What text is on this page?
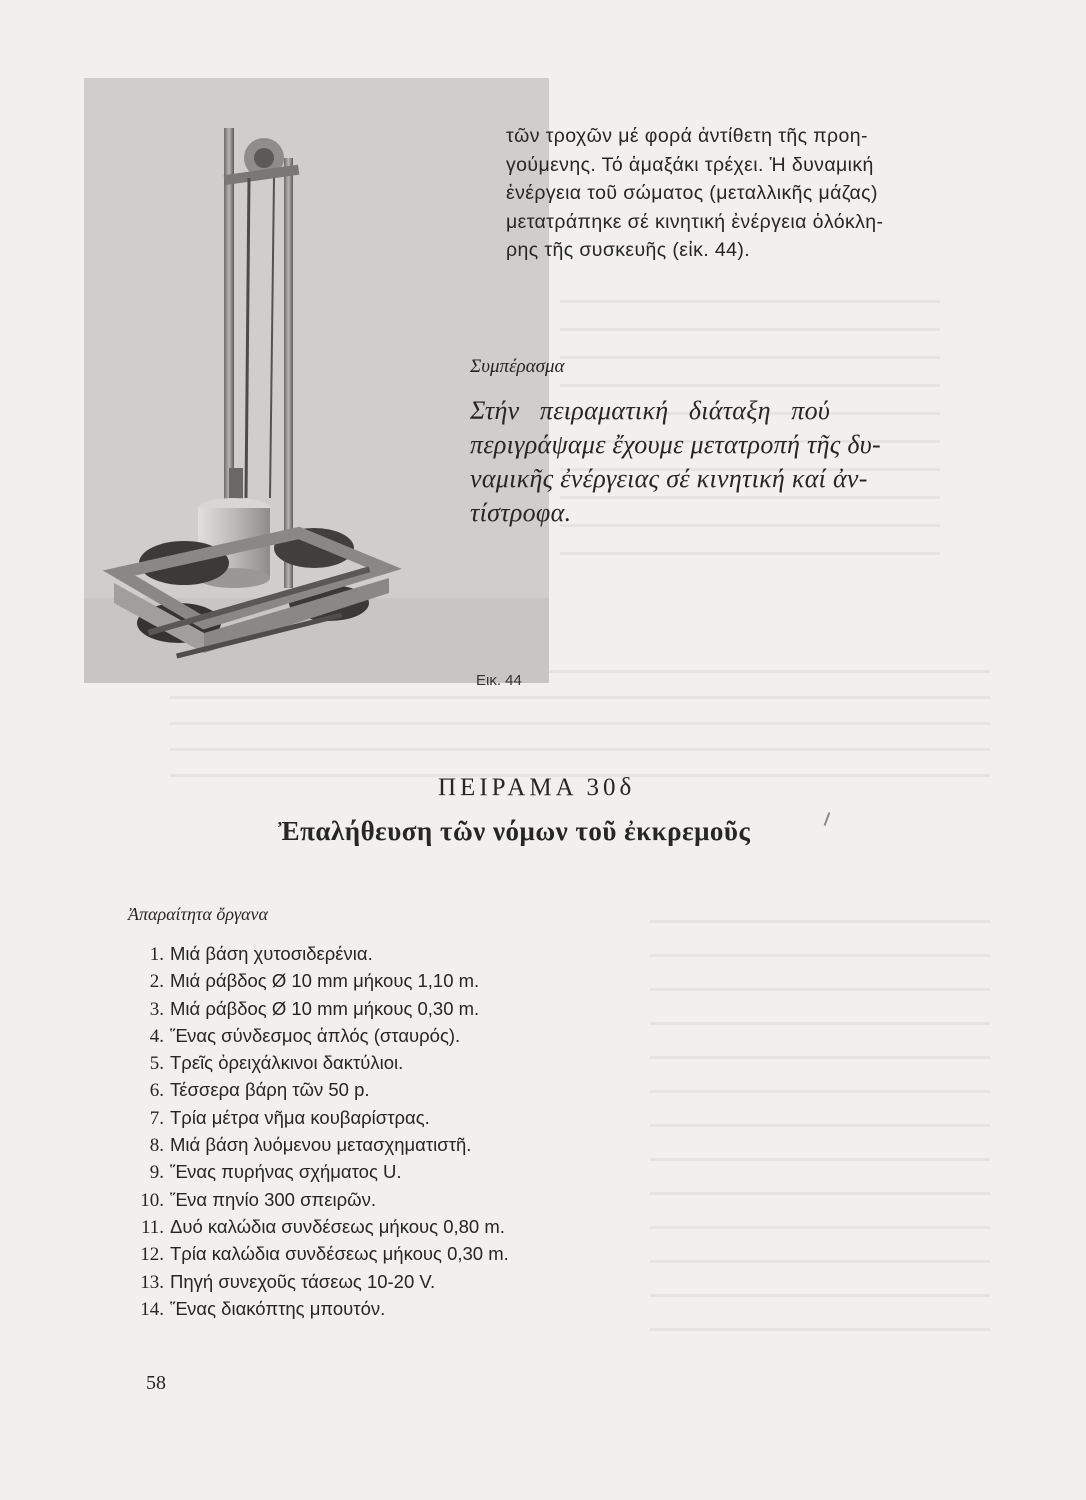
Εικ. 44
τῶν τροχῶν μέ φορά ἀντίθετη τῆς προη-
γούμενης. Τό ἁμαξάκι τρέχει. Ἡ δυναμική
ἐνέργεια τοῦ σώματος (μεταλλικῆς μάζας)
μετατράπηκε σέ κινητική ἐνέργεια ὁλόκλη-
ρης τῆς συσκευῆς (εἰκ. 44).
Συμπέρασμα
Στήν   πειραματική   διάταξη   πού
περιγράψαμε ἔχουμε μετατροπή τῆς δυ-
ναμικῆς ἐνέργειας σέ κινητική καί ἀν-
τίστροφα.
ΠΕΙΡΑΜΑ 30δ
Ἐπαλήθευση τῶν νόμων τοῦ ἐκκρεμοῦς
Ἀπαραίτητα ὄργανα
1. Μιά βάση χυτοσιδερένια.
2. Μιά ράβδος Ø 10 mm μήκους 1,10 m.
3. Μιά ράβδος Ø 10 mm μήκους 0,30 m.
4. Ἕνας σύνδεσμος ἁπλός (σταυρός).
5. Τρεῖς ὀρειχάλκινοι δακτύλιοι.
6. Τέσσερα βάρη τῶν 50 p.
7. Τρία μέτρα νῆμα κουβαρίστρας.
8. Μιά βάση λυόμενου μετασχηματιστῆ.
9. Ἕνας πυρήνας σχήματος U.
10. Ἕνα πηνίο 300 σπειρῶν.
11. Δυό καλώδια συνδέσεως μήκους 0,80 m.
12. Τρία καλώδια συνδέσεως μήκους 0,30 m.
13. Πηγή συνεχοῦς τάσεως 10-20 V.
14. Ἕνας διακόπτης μπουτόν.
58
